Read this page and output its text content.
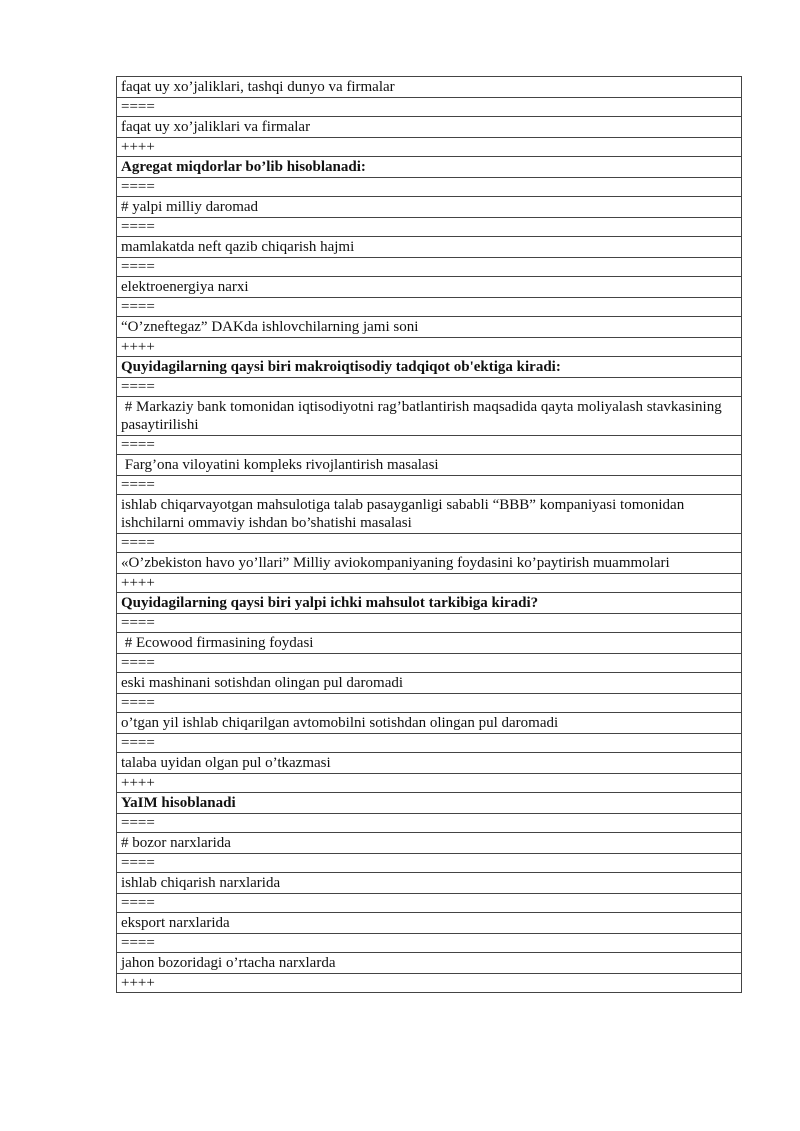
faqat uy xo’jaliklari, tashqi dunyo va firmalar
====
faqat uy xo’jaliklari va firmalar
++++
Agregat miqdorlar bo’lib hisoblanadi:
====
# yalpi milliy daromad
====
mamlakatda neft qazib chiqarish hajmi
====
elektroenergiya narxi
====
“O’zneftegaz” DAKda ishlovchilarning jami soni
++++
Quyidagilarning qaysi biri makroiqtisodiy tadqiqot ob'ektiga kiradi:
====
# Markaziy bank tomonidan iqtisodiyotni rag’batlantirish maqsadida qayta moliyalash stavkasining pasaytirilishi
====
Farg’ona viloyatini kompleks rivojlantirish masalasi
====
ishlab chiqarvayotgan mahsulotiga talab pasayganligi sababli “BBB” kompaniyasi tomonidan ishchilarni ommaviy ishdan bo’shatishi masalasi
====
«O’zbekiston havo yo’llari” Milliy aviokompaniyaning foydasini ko’paytirish muammolari
++++
Quyidagilarning qaysi biri yalpi ichki mahsulot tarkibiga kiradi?
====
# Ecowood firmasining foydasi
====
eski mashinani sotishdan olingan pul daromadi
====
o’tgan yil ishlab chiqarilgan avtomobilni sotishdan olingan pul daromadi
====
talaba uyidan olgan pul o’tkazmasi
++++
YaIM hisoblanadi
====
# bozor narxlarida
====
ishlab chiqarish narxlarida
====
eksport narxlarida
====
jahon bozoridagi o’rtacha narxlarda
++++
